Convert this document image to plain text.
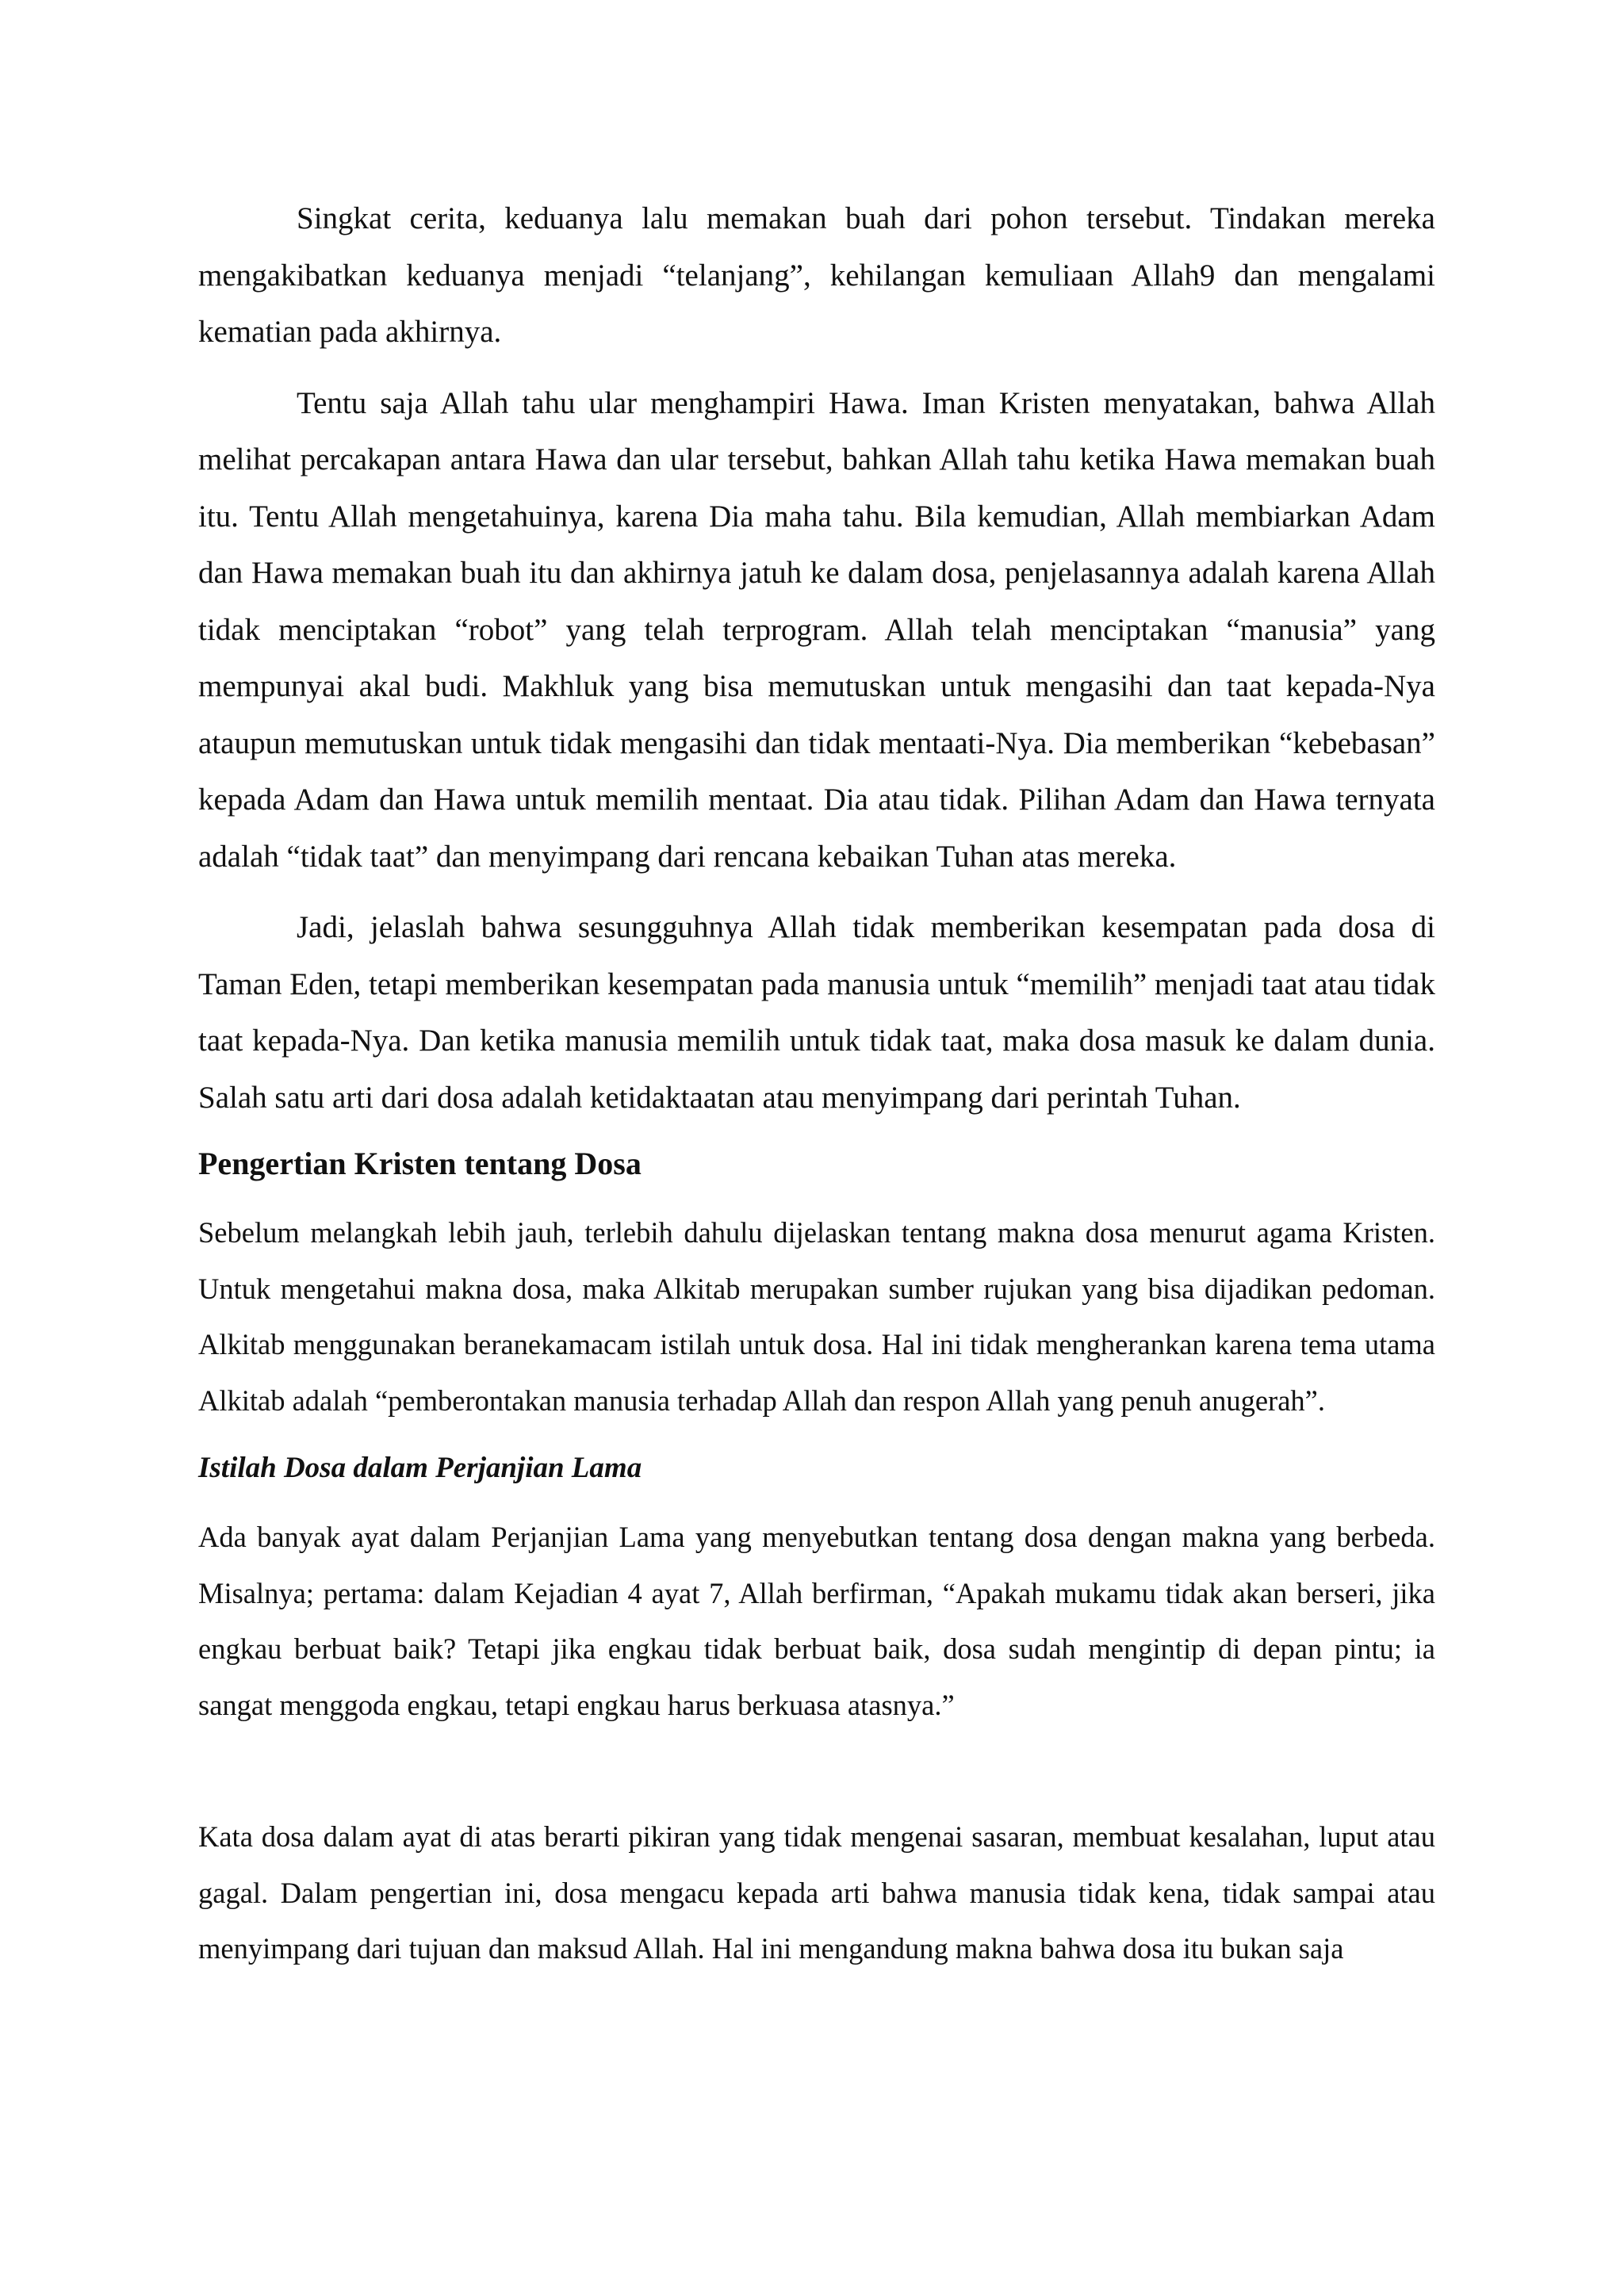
Singkat cerita, keduanya lalu memakan buah dari pohon tersebut. Tindakan mereka mengakibatkan keduanya menjadi “telanjang”, kehilangan kemuliaan Allah9 dan mengalami kematian pada akhirnya.

Tentu saja Allah tahu ular menghampiri Hawa. Iman Kristen menyatakan, bahwa Allah melihat percakapan antara Hawa dan ular tersebut, bahkan Allah tahu ketika Hawa memakan buah itu. Tentu Allah mengetahuinya, karena Dia maha tahu. Bila kemudian, Allah membiarkan Adam dan Hawa memakan buah itu dan akhirnya jatuh ke dalam dosa, penjelasannya adalah karena Allah tidak menciptakan “robot” yang telah terprogram. Allah telah menciptakan “manusia” yang mempunyai akal budi. Makhluk yang bisa memutuskan untuk mengasihi dan taat kepada-Nya ataupun memutuskan untuk tidak mengasihi dan tidak mentaati-Nya. Dia memberikan “kebebasan” kepada Adam dan Hawa untuk memilih mentaat. Dia atau tidak. Pilihan Adam dan Hawa ternyata adalah “tidak taat” dan menyimpang dari rencana kebaikan Tuhan atas mereka.

Jadi, jelaslah bahwa sesungguhnya Allah tidak memberikan kesempatan pada dosa di Taman Eden, tetapi memberikan kesempatan pada manusia untuk “memilih” menjadi taat atau tidak taat kepada-Nya. Dan ketika manusia memilih untuk tidak taat, maka dosa masuk ke dalam dunia. Salah satu arti dari dosa adalah ketidaktaatan atau menyimpang dari perintah Tuhan.

Pengertian Kristen tentang Dosa

Sebelum melangkah lebih jauh, terlebih dahulu dijelaskan tentang makna dosa menurut agama Kristen. Untuk mengetahui makna dosa, maka Alkitab merupakan sumber rujukan yang bisa dijadikan pedoman. Alkitab menggunakan beranekamacam istilah untuk dosa. Hal ini tidak mengherankan karena tema utama Alkitab adalah “pemberontakan manusia terhadap Allah dan respon Allah yang penuh anugerah”.

Istilah Dosa dalam Perjanjian Lama

Ada banyak ayat dalam Perjanjian Lama yang menyebutkan tentang dosa dengan makna yang berbeda. Misalnya; pertama: dalam Kejadian 4 ayat 7, Allah berfirman, “Apakah mukamu tidak akan berseri, jika engkau berbuat baik? Tetapi jika engkau tidak berbuat baik, dosa sudah mengintip di depan pintu; ia sangat menggoda engkau, tetapi engkau harus berkuasa atasnya.”

Kata dosa dalam ayat di atas berarti pikiran yang tidak mengenai sasaran, membuat kesalahan, luput atau gagal. Dalam pengertian ini, dosa mengacu kepada arti bahwa manusia tidak kena, tidak sampai atau menyimpang dari tujuan dan maksud Allah. Hal ini mengandung makna bahwa dosa itu bukan saja
